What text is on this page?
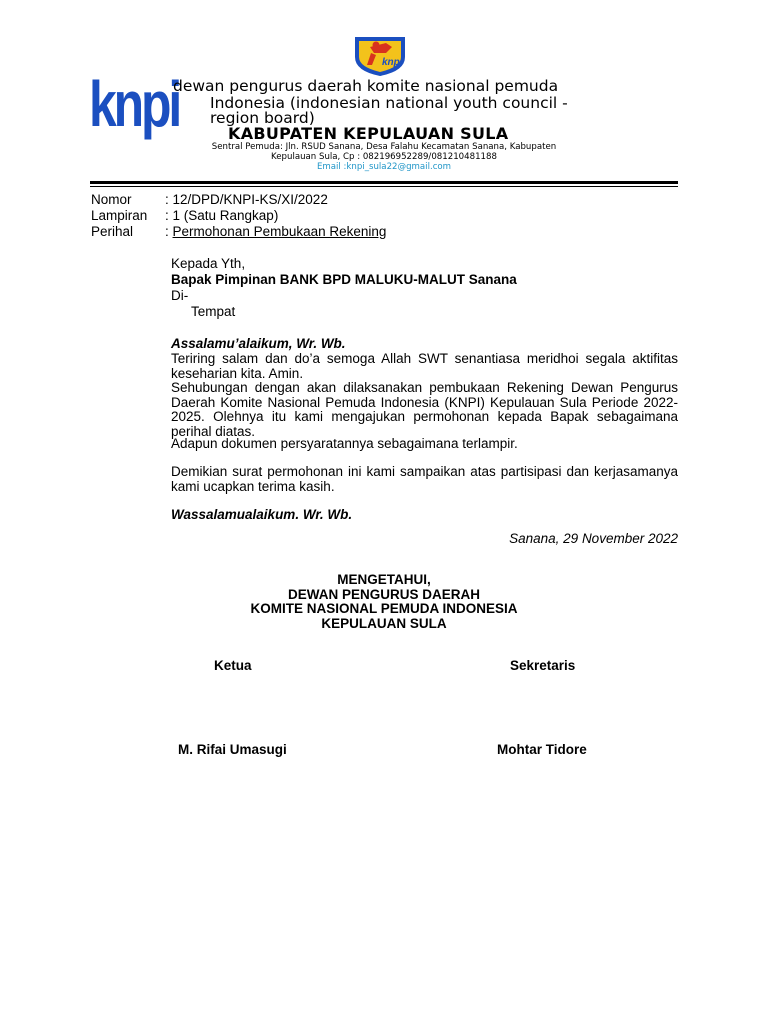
knpi
knpi
dewan pengurus daerah komite nasional pemuda
Indonesia (indonesian national youth council -
region board)
KABUPATEN KEPULAUAN SULA
Sentral Pemuda: Jln. RSUD Sanana, Desa Falahu Kecamatan Sanana, Kabupaten
Kepulauan Sula, Cp : 082196952289/081210481188
Email :knpi_sula22@gmail.com
Nomor : 12/DPD/KNPI-KS/XI/2022
Lampiran : 1 (Satu Rangkap)
Perihal : Permohonan Pembukaan Rekening
Kepada Yth,
Bapak Pimpinan BANK BPD MALUKU-MALUT Sanana
Di-
Tempat
Assalamu’alaikum, Wr. Wb.
Teriring salam dan do’a semoga Allah SWT senantiasa meridhoi segala aktifitas keseharian kita. Amin.
Sehubungan dengan akan dilaksanakan pembukaan Rekening Dewan Pengurus Daerah Komite Nasional Pemuda Indonesia (KNPI) Kepulauan Sula Periode 2022-2025. Olehnya itu kami mengajukan permohonan kepada Bapak sebagaimana perihal diatas.
Adapun dokumen persyaratannya sebagaimana terlampir.
Demikian surat permohonan ini kami sampaikan atas partisipasi dan kerjasamanya kami ucapkan terima kasih.
Wassalamualaikum. Wr. Wb.
Sanana, 29 November 2022
MENGETAHUI,
DEWAN PENGURUS DAERAH
KOMITE NASIONAL PEMUDA INDONESIA
KEPULAUAN SULA
Ketua	Sekretaris
M. Rifai Umasugi	Mohtar Tidore
